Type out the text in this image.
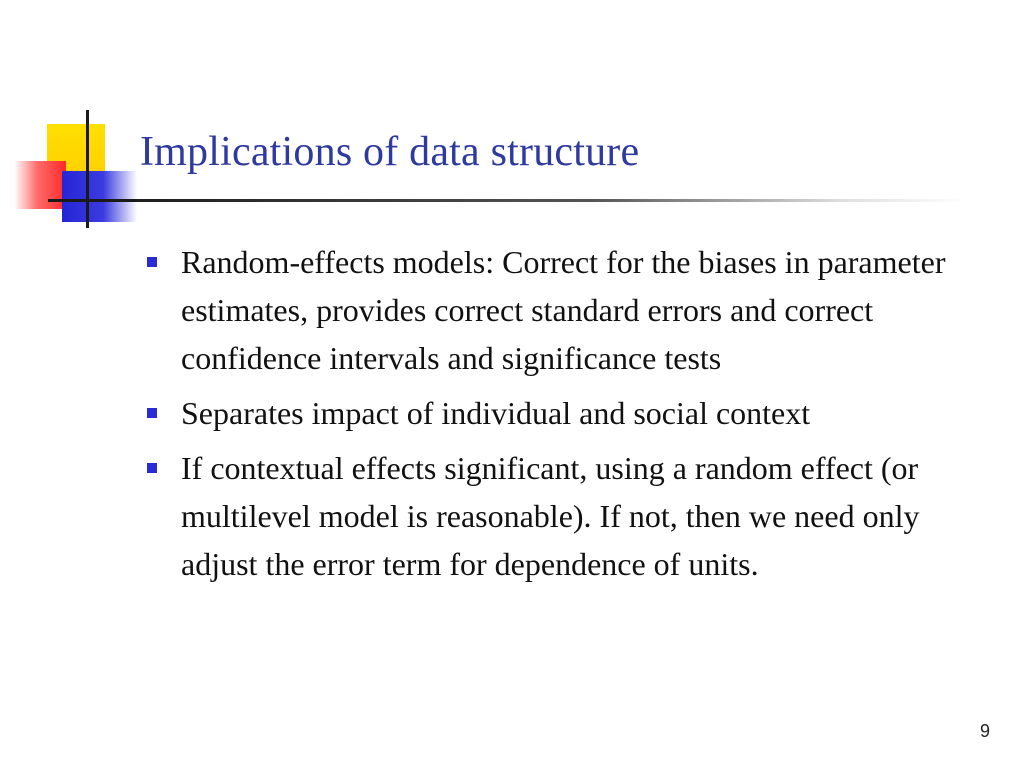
Implications of data structure
Random-effects models: Correct for the biases in parameter estimates, provides correct standard errors and correct confidence intervals and significance tests
Separates impact of individual and social context
If contextual effects significant, using a random effect (or multilevel model is reasonable). If not, then we need only adjust the error term for dependence of units.
9
